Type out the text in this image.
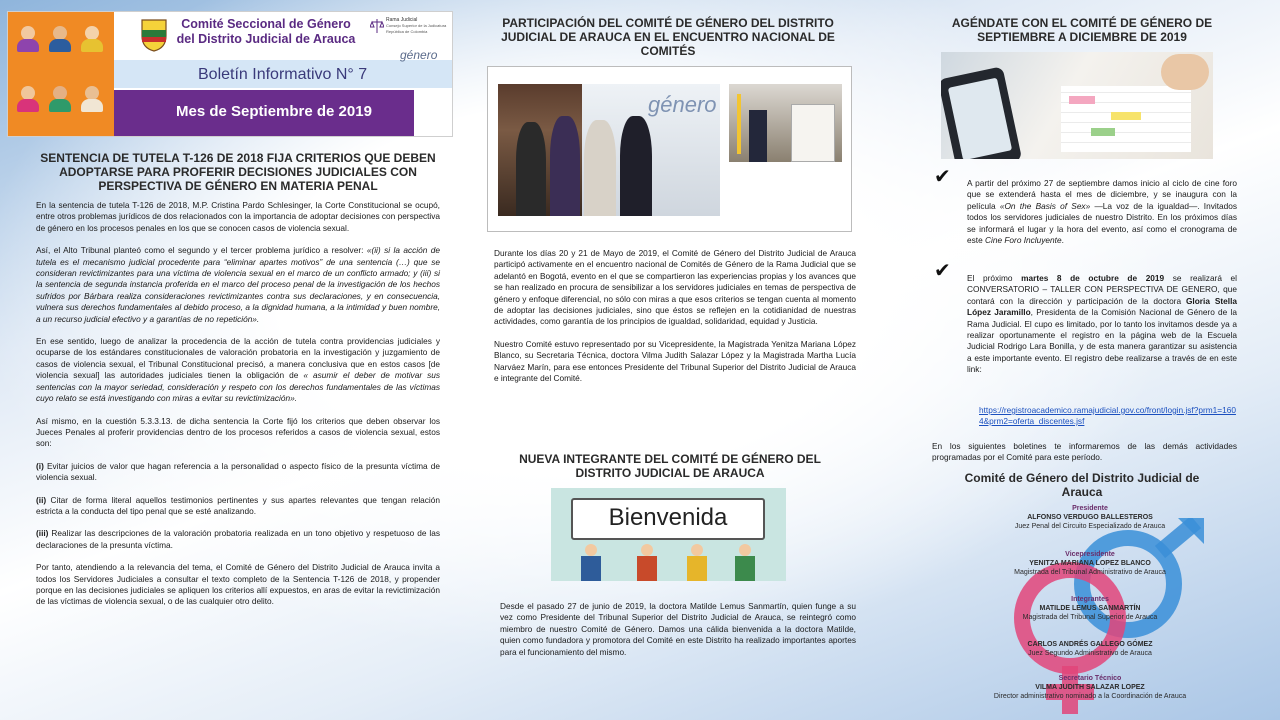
Comité Seccional de Género del Distrito Judicial de Arauca
Boletín Informativo N° 7
Mes de Septiembre de 2019
Rama Judicial
Consejo Superior de la Judicatura
República de Colombia
género
SENTENCIA DE TUTELA T-126 DE 2018 FIJA CRITERIOS QUE DEBEN ADOPTARSE PARA PROFERIR DECISIONES JUDICIALES CON PERSPECTIVA DE GÉNERO EN MATERIA PENAL

En la sentencia de tutela T-126 de 2018, M.P. Cristina Pardo Schlesinger, la Corte Constitucional se ocupó, entre otros problemas jurídicos de dos relacionados con la importancia de adoptar decisiones con perspectiva de género en los procesos penales en los que se conocen casos de violencia sexual.

Así, el Alto Tribunal planteó como el segundo y el tercer problema jurídico a resolver: «(ii) si la acción de tutela es el mecanismo judicial procedente para “eliminar apartes motivos” de una sentencia (…) que se consideran revictimizantes para una víctima de violencia sexual en el marco de un conflicto armado; y (iii) si la sentencia de segunda instancia proferida en el marco del proceso penal de la investigación de los hechos sufridos por Bárbara realiza consideraciones revictimizantes contra sus declaraciones, y en consecuencia, vulnera sus derechos fundamentales al debido proceso, a la dignidad humana, a la intimidad y buen nombre, a un recurso judicial efectivo y a garantías de no repetición».

En ese sentido, luego de analizar la procedencia de la acción de tutela contra providencias judiciales y ocuparse de los estándares constitucionales de valoración probatoria en la investigación y juzgamiento de casos de violencia sexual, el Tribunal Constitucional precisó, a manera conclusiva que en estos casos [de violencia sexual] las autoridades judiciales tienen la obligación de « asumir el deber de motivar sus sentencias con la mayor seriedad, consideración y respeto con los derechos fundamentales de las víctimas cuyo relato se está investigando con miras a evitar su revictimización».

Así mismo, en la cuestión 5.3.3.13. de dicha sentencia la Corte fijó los criterios que deben observar los Jueces Penales al proferir providencias dentro de los procesos referidos a casos de violencia sexual, estos son:

(i) Evitar juicios de valor que hagan referencia a la personalidad o aspecto físico de la presunta víctima de violencia sexual.

(ii) Citar de forma literal aquellos testimonios pertinentes y sus apartes relevantes que tengan relación estricta a la conducta del tipo penal que se esté analizando.

(iii) Realizar las descripciones de la valoración probatoria realizada en un tono objetivo y respetuoso de las declaraciones de la presunta víctima.

Por tanto, atendiendo a la relevancia del tema, el Comité de Género del Distrito Judicial de Arauca invita a todos los Servidores Judiciales a consultar el texto completo de la Sentencia T-126 de 2018, y propender porque en las decisiones judiciales se apliquen los criterios allí expuestos, en aras de evitar la revictimización de las víctimas de violencia sexual, o de las cualquier otro delito.

PARTICIPACIÓN DEL COMITÉ DE GÉNERO DEL DISTRITO JUDICIAL DE ARAUCA EN EL ENCUENTRO NACIONAL DE COMITÉS
género

Durante los días 20 y 21 de Mayo de 2019, el Comité de Género del Distrito Judicial de Arauca participó activamente en el encuentro nacional de Comités de Género de la Rama Judicial que se adelantó en Bogotá, evento en el que se compartieron las experiencias propias y los avances que se han realizado en procura de sensibilizar a los servidores judiciales en temas de perspectiva de género y enfoque diferencial, no sólo con miras a que esos criterios se tengan cuenta al momento de adoptar las decisiones judiciales, sino que éstos se reflejen en la cotidianidad de nuestras actividades, como garantía de los principios de igualdad, solidaridad, equidad y Justicia.

Nuestro Comité estuvo representado por su Vicepresidente, la Magistrada Yenitza Mariana López Blanco, su Secretaria Técnica, doctora Vilma Judith Salazar López y la Magistrada Martha Lucía Narváez Marín, para ese entonces Presidente del Tribunal Superior del Distrito Judicial de Arauca e integrante del Comité.

NUEVA INTEGRANTE DEL COMITÉ DE GÉNERO DEL DISTRITO JUDICIAL DE ARAUCA
Bienvenida

Desde el pasado 27 de junio de 2019, la doctora Matilde Lemus Sanmartín, quien funge a su vez como Presidente del Tribunal Superior del Distrito Judicial de Arauca, se reintegró como miembro de nuestro Comité de Género. Damos una cálida bienvenida a la doctora Matilde, quien como fundadora y promotora del Comité en este Distrito ha realizado importantes aportes para el funcionamiento del mismo.

AGÉNDATE CON EL COMITÉ DE GÉNERO DE SEPTIEMBRE A DICIEMBRE DE 2019
✔ A partir del próximo 27 de septiembre damos inicio al ciclo de cine foro que se extenderá hasta el mes de diciembre, y se inaugura con la película «On the Basis of Sex» —La voz de la igualdad—. Invitados todos los servidores judiciales de nuestro Distrito. En los próximos días se informará el lugar y la hora del evento, así como el cronograma de este Cine Foro Incluyente.

✔ El próximo martes 8 de octubre de 2019 se realizará el CONVERSATORIO – TALLER CON PERSPECTIVA DE GENERO, que contará con la dirección y participación de la doctora Gloria Stella López Jaramillo, Presidenta de la Comisión Nacional de Género de la Rama Judicial. El cupo es limitado, por lo tanto los invitamos desde ya a realizar oportunamente el registro en la página web de la Escuela Judicial Rodrigo Lara Bonilla, y de esta manera garantizar su asistencia a este importante evento. El registro debe realizarse a través de en este link:

https://registroacademico.ramajudicial.gov.co/front/login.jsf?prm1=1604&prm2=oferta_discentes.jsf

En los siguientes boletines te informaremos de las demás actividades programadas por el Comité para este período.

Comité de Género del Distrito Judicial de Arauca
Presidente
ALFONSO VERDUGO BALLESTEROS
Juez Penal del Circuito Especializado de Arauca
Vicepresidente
YENITZA MARIANA LOPEZ BLANCO
Magistrada del Tribunal Administrativo de Arauca
Integrantes
MATILDE LEMUS SANMARTÍN
Magistrada del Tribunal Superior de Arauca
CARLOS ANDRÉS GALLEGO GÓMEZ
Juez Segundo Administrativo de Arauca
Secretario Técnico
VILMA JUDITH SALAZAR LOPEZ
Director administrativo nominado a la Coordinación de Arauca
